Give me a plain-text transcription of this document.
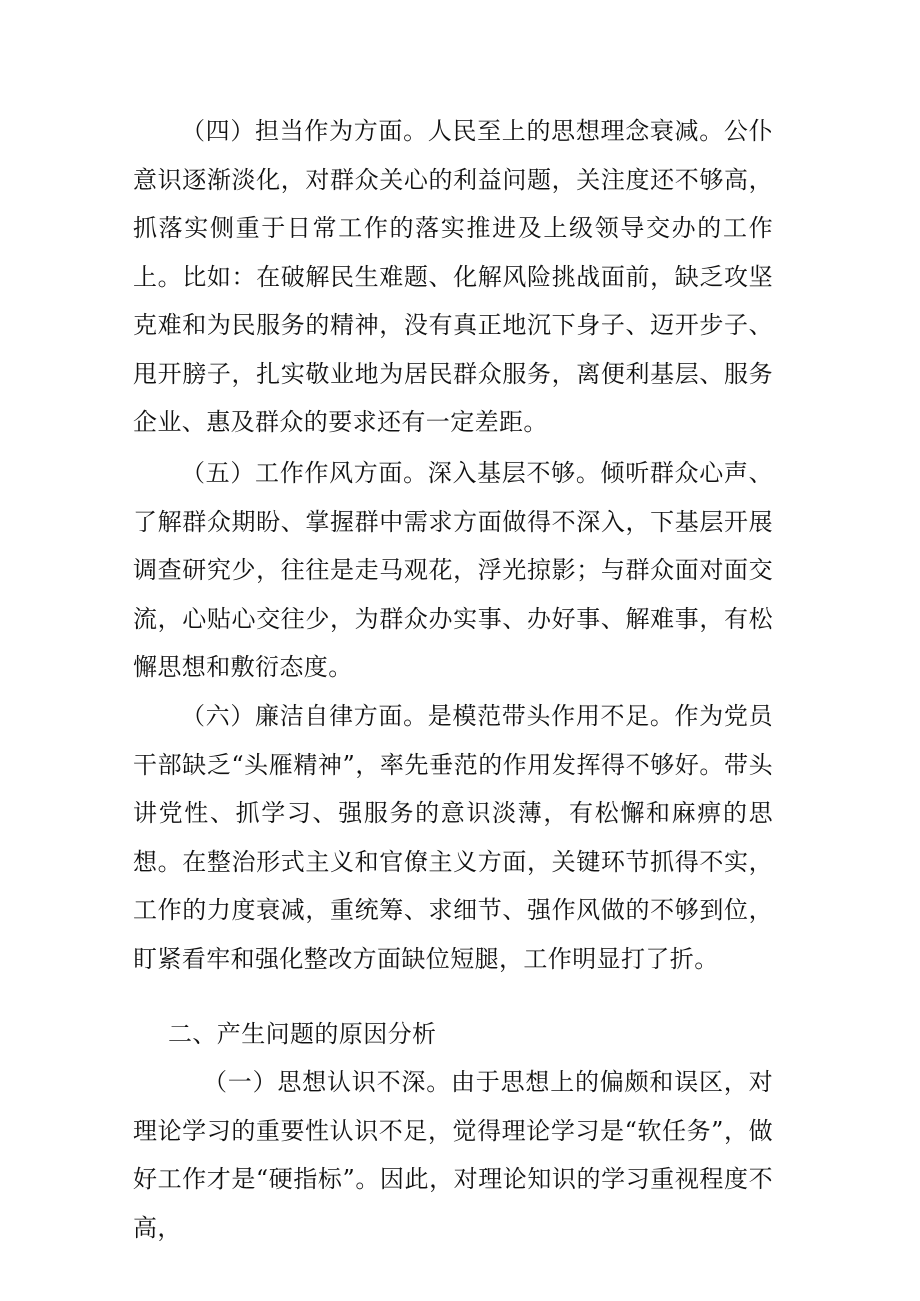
（四）担当作为方面。人民至上的思想理念衰减。公仆意识逐渐淡化，对群众关心的利益问题，关注度还不够高，抓落实侧重于日常工作的落实推进及上级领导交办的工作上。比如：在破解民生难题、化解风险挑战面前，缺乏攻坚克难和为民服务的精神，没有真正地沉下身子、迈开步子、甩开膀子，扎实敬业地为居民群众服务，离便利基层、服务企业、惠及群众的要求还有一定差距。

（五）工作作风方面。深入基层不够。倾听群众心声、了解群众期盼、掌握群中需求方面做得不深入，下基层开展调查研究少，往往是走马观花，浮光掠影；与群众面对面交流，心贴心交往少，为群众办实事、办好事、解难事，有松懈思想和敷衍态度。

（六）廉洁自律方面。是模范带头作用不足。作为党员干部缺乏“头雁精神”，率先垂范的作用发挥得不够好。带头讲党性、抓学习、强服务的意识淡薄，有松懈和麻痹的思想。在整治形式主义和官僚主义方面，关键环节抓得不实，工作的力度衰减，重统筹、求细节、强作风做的不够到位，盯紧看牢和强化整改方面缺位短腿，工作明显打了折。

二、产生问题的原因分析

（一）思想认识不深。由于思想上的偏颇和误区，对理论学习的重要性认识不足，觉得理论学习是“软任务”，做好工作才是“硬指标”。因此，对理论知识的学习重视程度不高，
